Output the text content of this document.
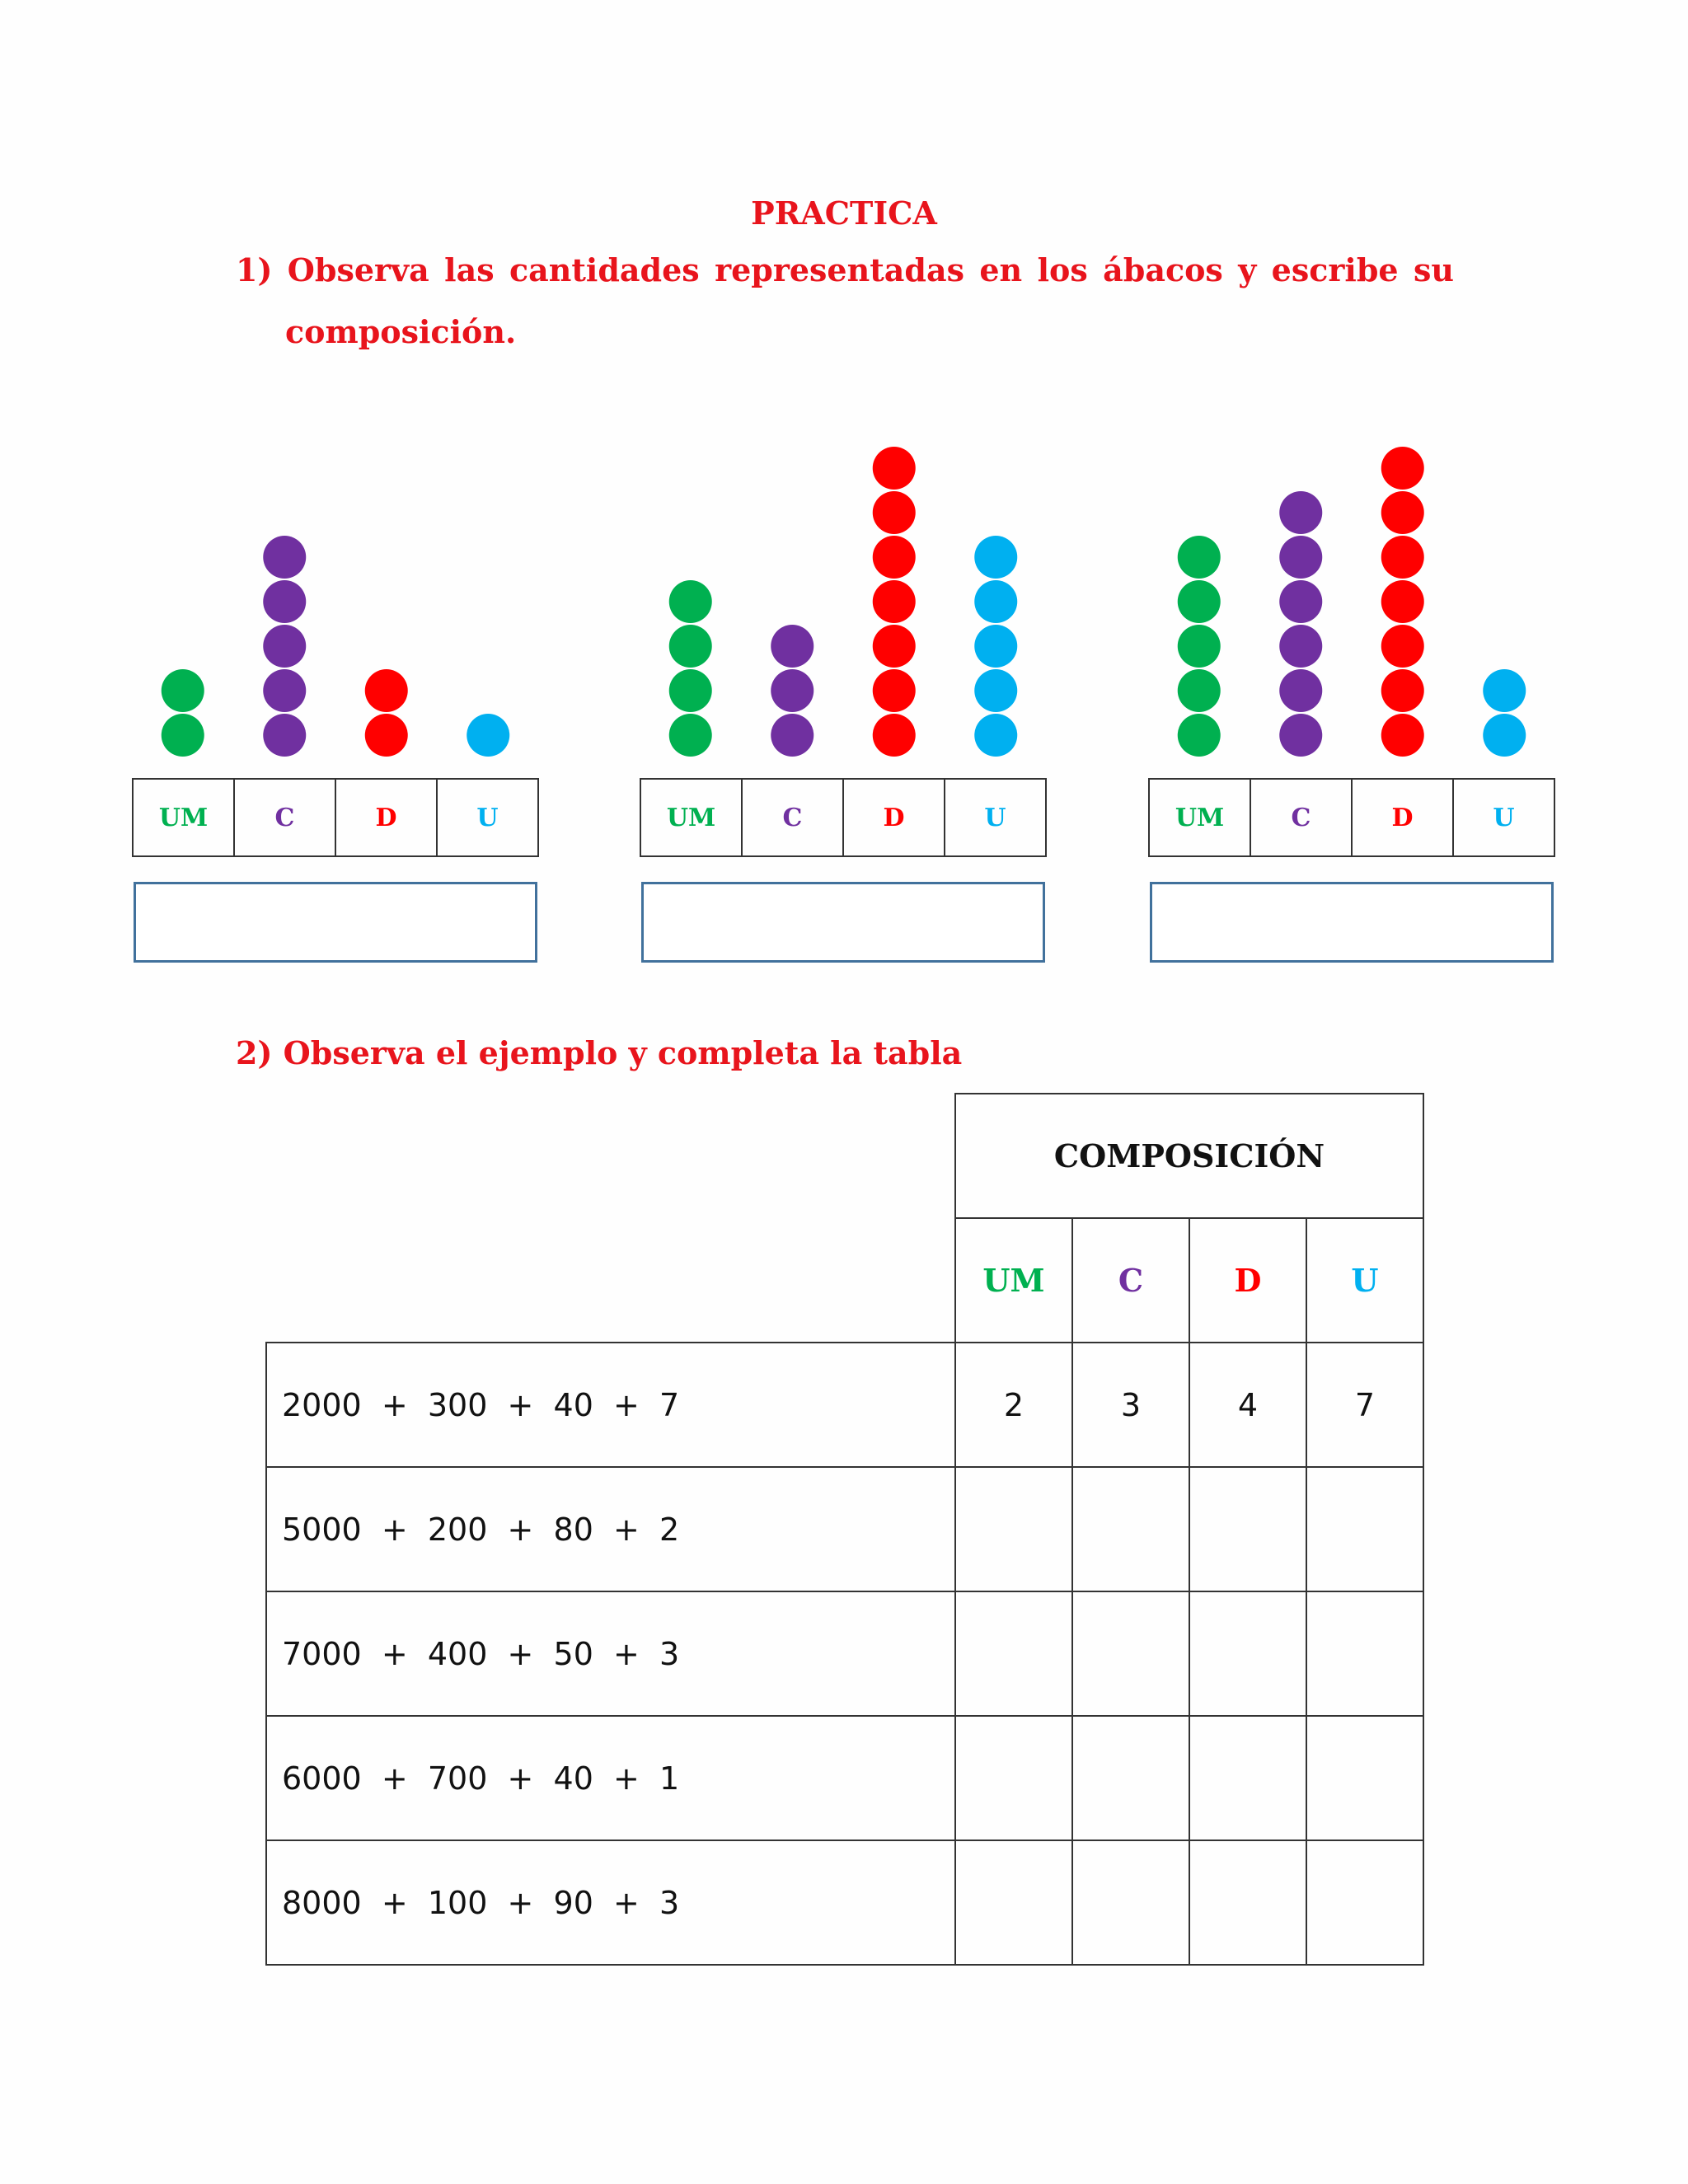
PRACTICA
1) Observa las cantidades representadas en los ábacos y escribe su
composición.
UM	C	D	U	UM	C	D	U	UM	C	D	U
2) Observa el ejemplo y completa la tabla
	COMPOSICIÓN			
	UM	C	D	U
2000  +  300  +  40  +  7	2	3	4	7
5000  +  200  +  80  +  2				
7000  +  400  +  50  +  3				
6000  +  700  +  40  +  1				
8000  +  100  +  90  +  3				
